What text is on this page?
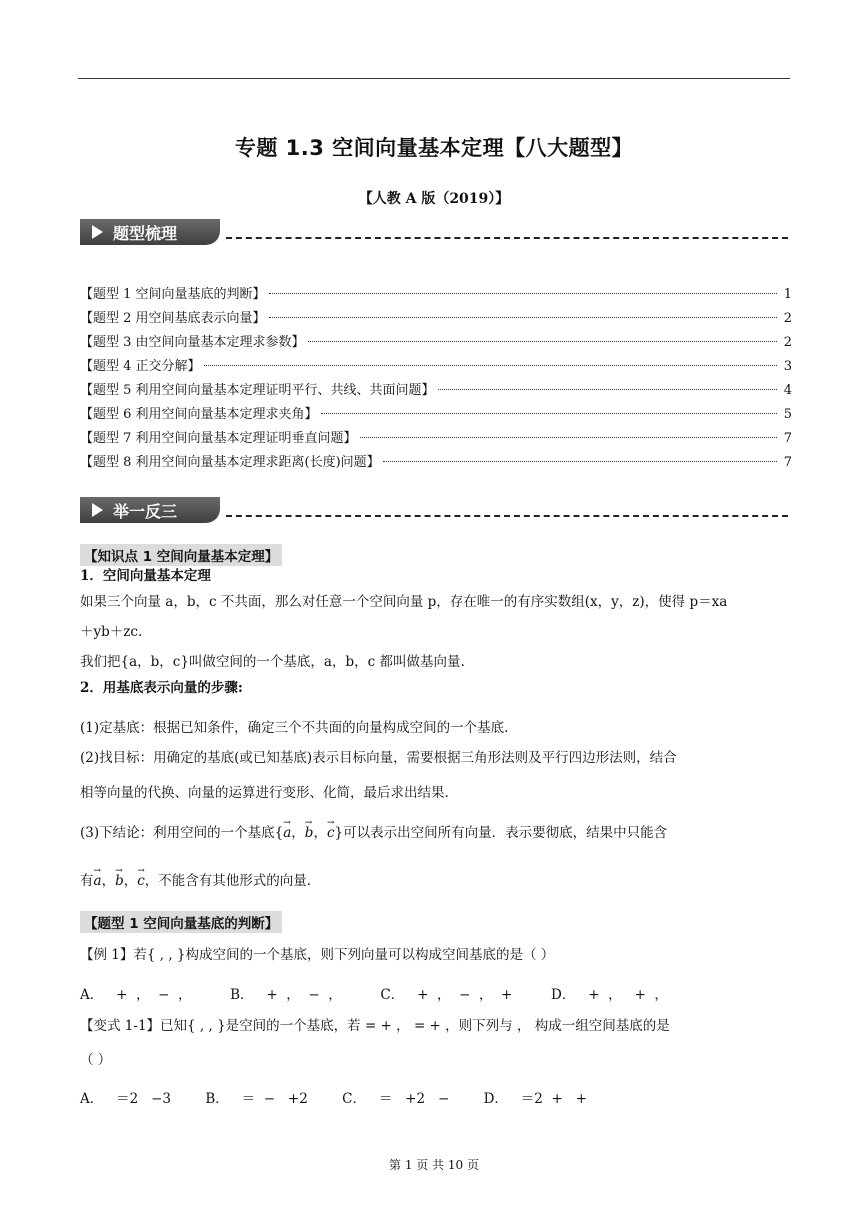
专题 1.3 空间向量基本定理【八大题型】
【人教 A 版（2019）】
题型梳理
【题型 1 空间向量基底的判断】	1
【题型 2 用空间基底表示向量】	2
【题型 3 由空间向量基本定理求参数】	2
【题型 4 正交分解】	3
【题型 5 利用空间向量基本定理证明平行、共线、共面问题】	4
【题型 6 利用空间向量基本定理求夹角】	5
【题型 7 利用空间向量基本定理证明垂直问题】	7
【题型 8 利用空间向量基本定理求距离(长度)问题】	7
举一反三
【知识点 1 空间向量基本定理】
1．空间向量基本定理
如果三个向量 a，b，c 不共面，那么对任意一个空间向量 p，存在唯一的有序实数组(x，y，z)，使得 p＝xa
＋yb＋zc.
我们把{a，b，c}叫做空间的一个基底，a，b，c 都叫做基向量.
2．用基底表示向量的步骤:
(1)定基底：根据已知条件，确定三个不共面的向量构成空间的一个基底.
(2)找目标：用确定的基底(或已知基底)表示目标向量，需要根据三角形法则及平行四边形法则，结合
相等向量的代换、向量的运算进行变形、化简，最后求出结果.
(3)下结论：利用空间的一个基底{→ a，→ b，→ c}可以表示出空间所有向量．表示要彻底，结果中只能含
有→ a，→ b，→ c，不能含有其他形式的向量.
【题型 1 空间向量基底的判断】
【例 1】若{ , , }构成空间的一个基底，则下列向量可以构成空间基底的是（ ）
A．   +  ，  −  ，         B．   +  ，  −  ，         C．   +  ，  −  ，  +         D．   +  ，   +  ，
【变式 1-1】已知{ , , }是空间的一个基底，若 = + ， = + ，则下列与 ， 构成一组空间基底的是
（ ）
A．   ＝2   −3        B．   ＝  −   +2        C．   ＝   +2   −        D．   ＝2  +   +
第 1 页 共 10 页
